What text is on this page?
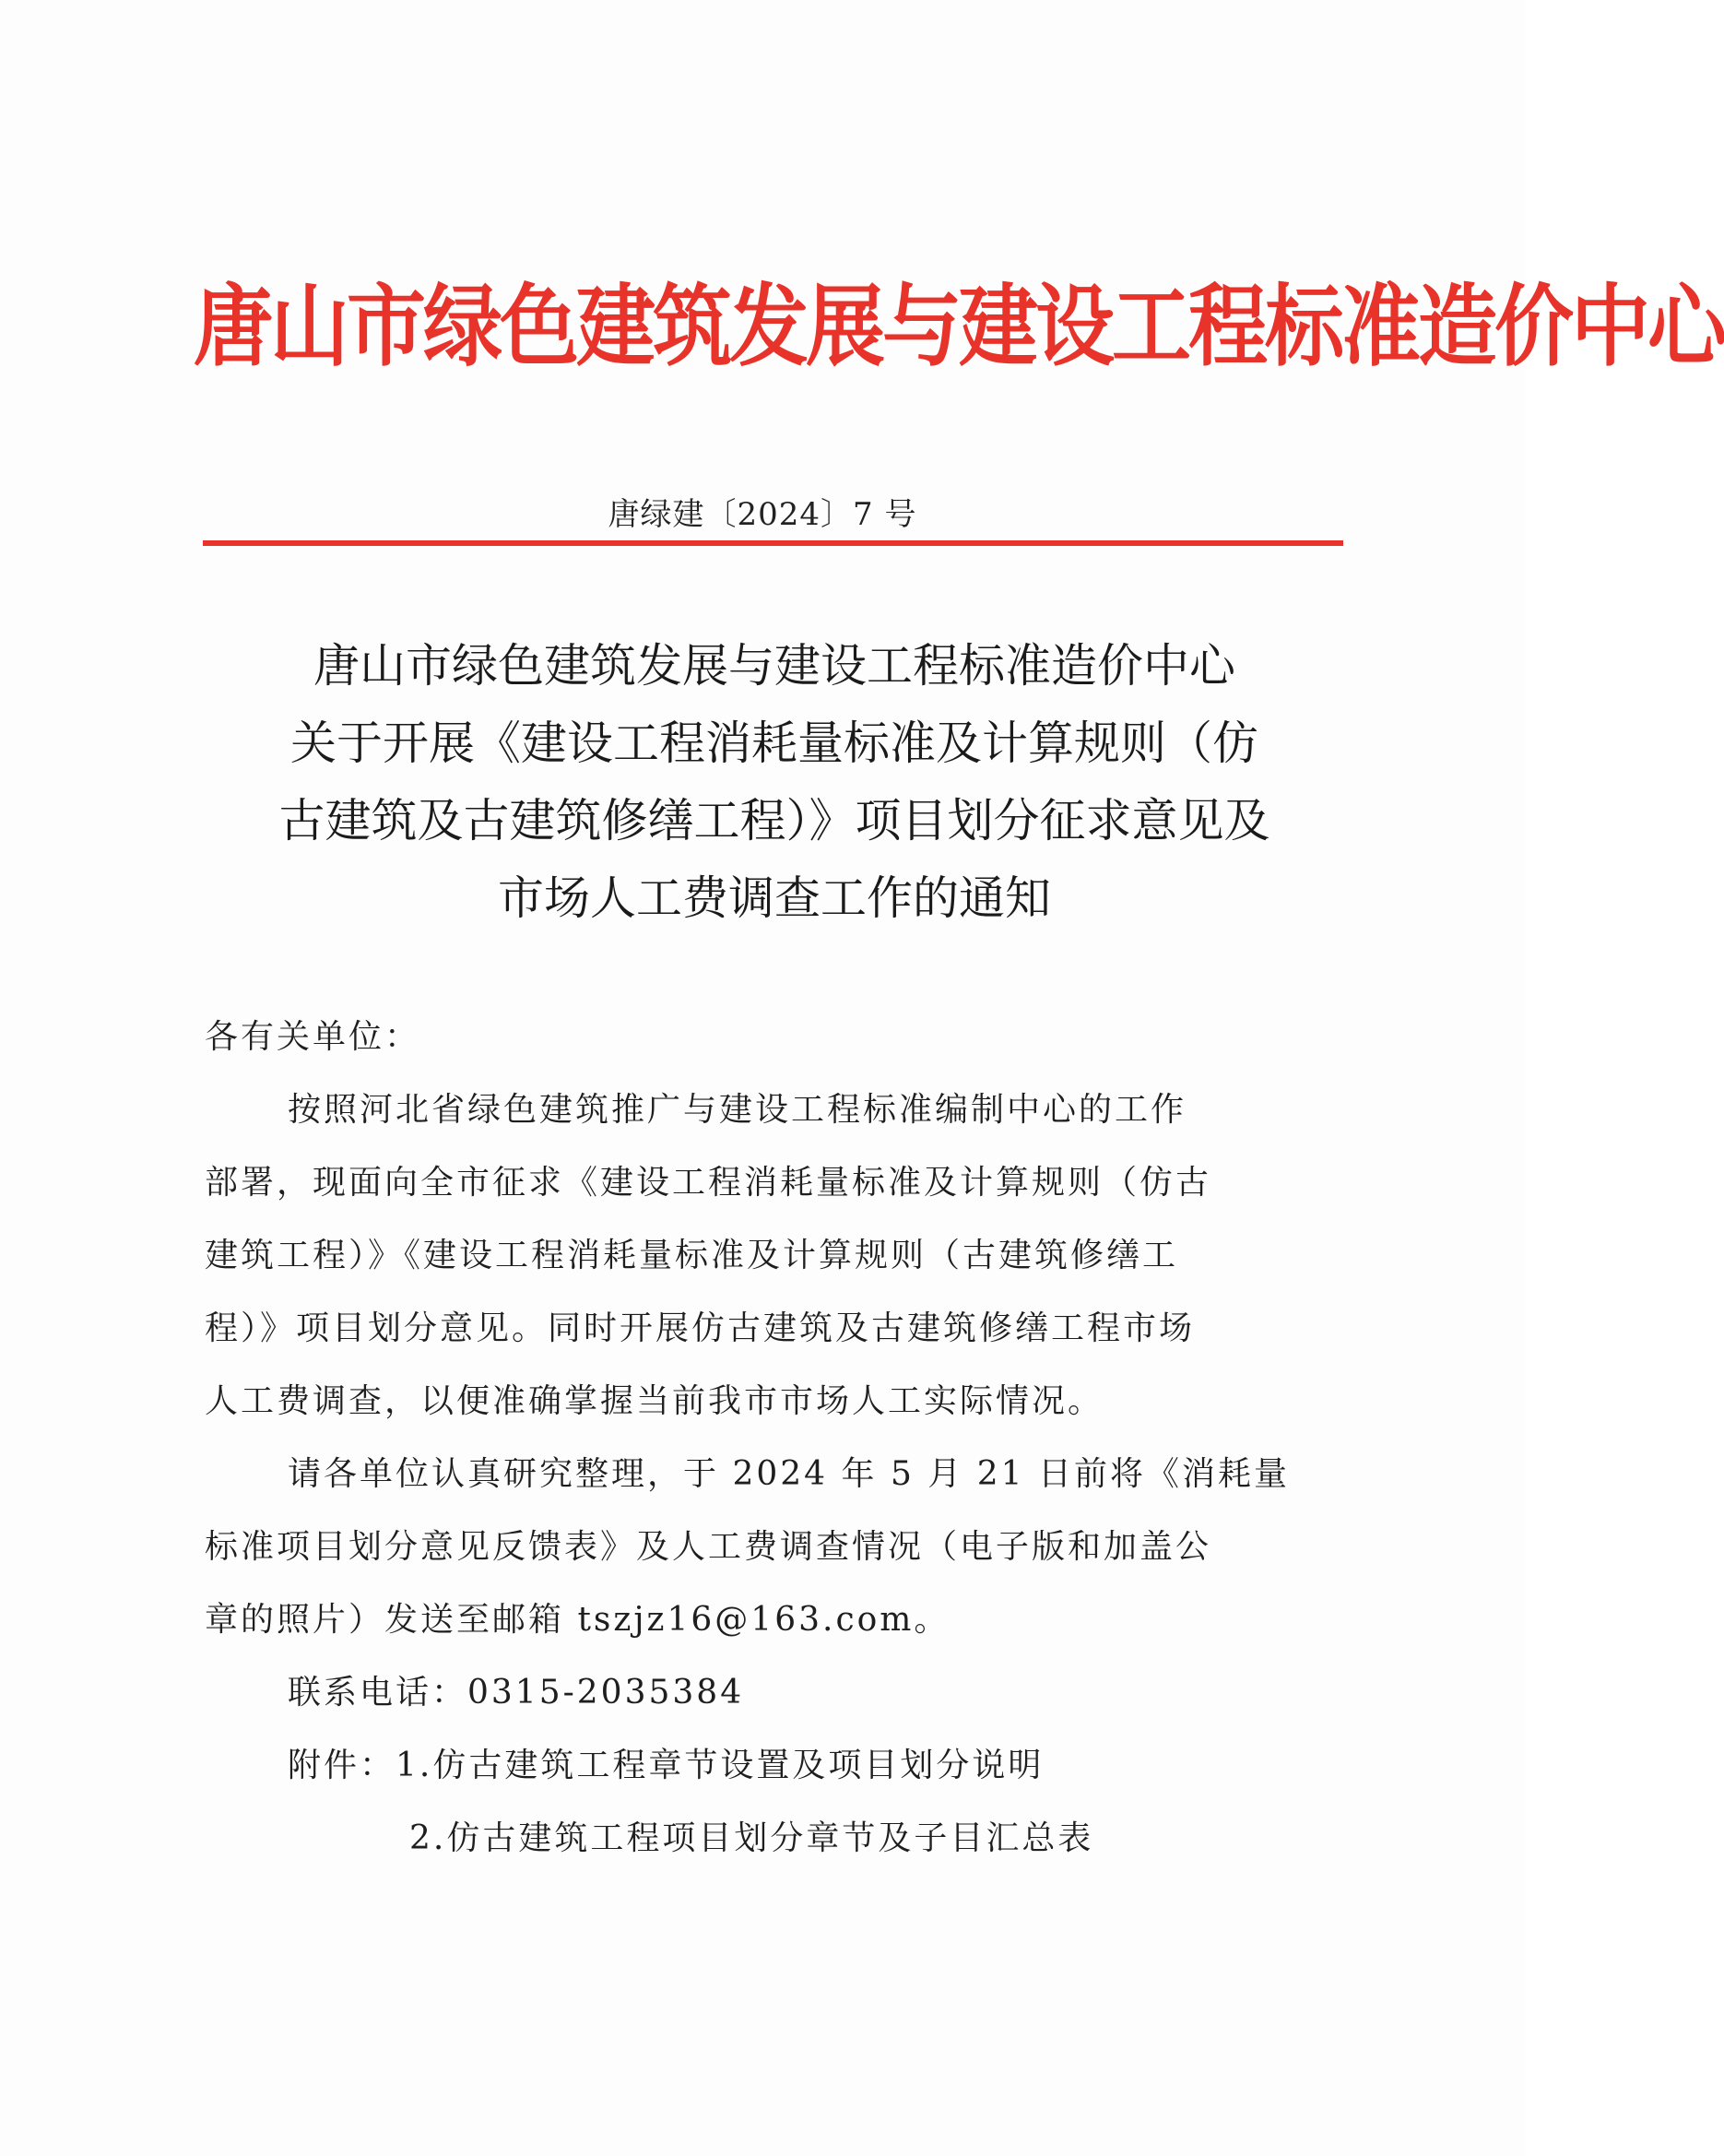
唐山市绿色建筑发展与建设工程标准造价中心
唐绿建〔2024〕7 号
唐山市绿色建筑发展与建设工程标准造价中心
关于开展《建设工程消耗量标准及计算规则（仿
古建筑及古建筑修缮工程）》项目划分征求意见及
市场人工费调查工作的通知
各有关单位：
按照河北省绿色建筑推广与建设工程标准编制中心的工作
部署，现面向全市征求《建设工程消耗量标准及计算规则（仿古
建筑工程）》《建设工程消耗量标准及计算规则（古建筑修缮工
程）》项目划分意见。同时开展仿古建筑及古建筑修缮工程市场
人工费调查，以便准确掌握当前我市市场人工实际情况。
请各单位认真研究整理，于 2024 年 5 月 21 日前将《消耗量
标准项目划分意见反馈表》及人工费调查情况（电子版和加盖公
章的照片）发送至邮箱 tszjz16@163.com。
联系电话：0315-2035384
附件：1.仿古建筑工程章节设置及项目划分说明
2.仿古建筑工程项目划分章节及子目汇总表
